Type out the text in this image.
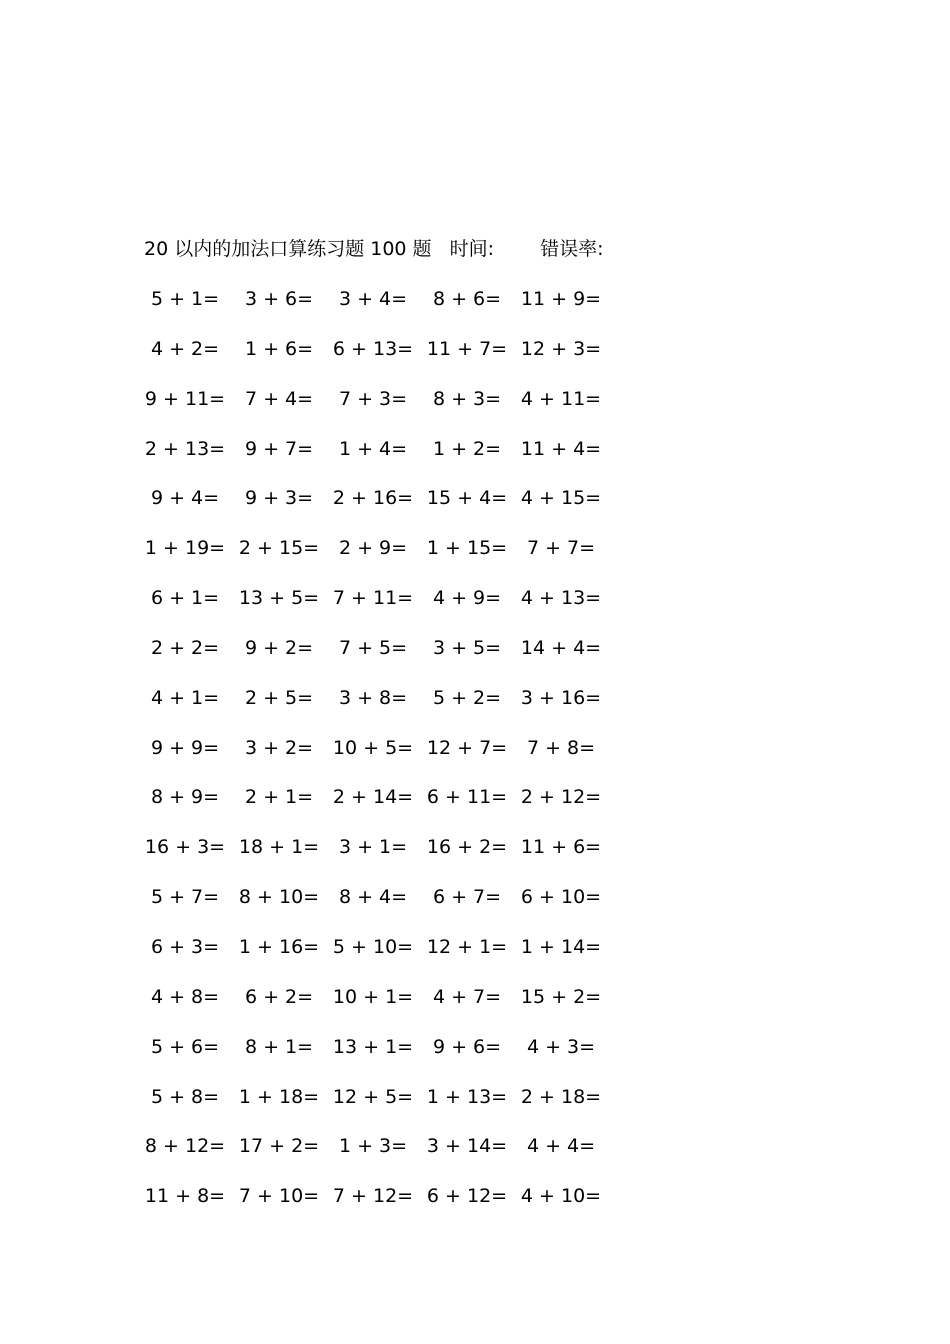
20 以内的加法口算练习题 100 题 时间: 错误率:
5 + 1=	3 + 6=	3 + 4=	8 + 6=	11 + 9=
4 + 2=	1 + 6=	6 + 13= 11 + 7= 12 + 3=
9 + 11=	7 + 4=	7 + 3=	8 + 3=	4 + 11=
2 + 13=	9 + 7=	1 + 4=	1 + 2=	11 + 4=
9 + 4=	9 + 3=	2 + 16= 15 + 4= 4 + 15=
1 + 19= 2 + 15=	2 + 9=	1 + 15=	7 + 7=
6 + 1=	13 + 5= 7 + 11=	4 + 9=	4 + 13=
2 + 2=	9 + 2=	7 + 5=	3 + 5=	14 + 4=
4 + 1=	2 + 5=	3 + 8=	5 + 2=	3 + 16=
9 + 9=	3 + 2=	10 + 5= 12 + 7=	7 + 8=
8 + 9=	2 + 1=	2 + 14= 6 + 11= 2 + 12=
16 + 3= 18 + 1=	3 + 1=	16 + 2= 11 + 6=
5 + 7=	8 + 10=	8 + 4=	6 + 7=	6 + 10=
6 + 3=	1 + 16= 5 + 10= 12 + 1= 1 + 14=
4 + 8=	6 + 2=	10 + 1=	4 + 7=	15 + 2=
5 + 6=	8 + 1=	13 + 1=	9 + 6=	4 + 3=
5 + 8=	1 + 18= 12 + 5= 1 + 13= 2 + 18=
8 + 12= 17 + 2=	1 + 3=	3 + 14=	4 + 4=
11 + 8= 7 + 10= 7 + 12= 6 + 12= 4 + 10=
